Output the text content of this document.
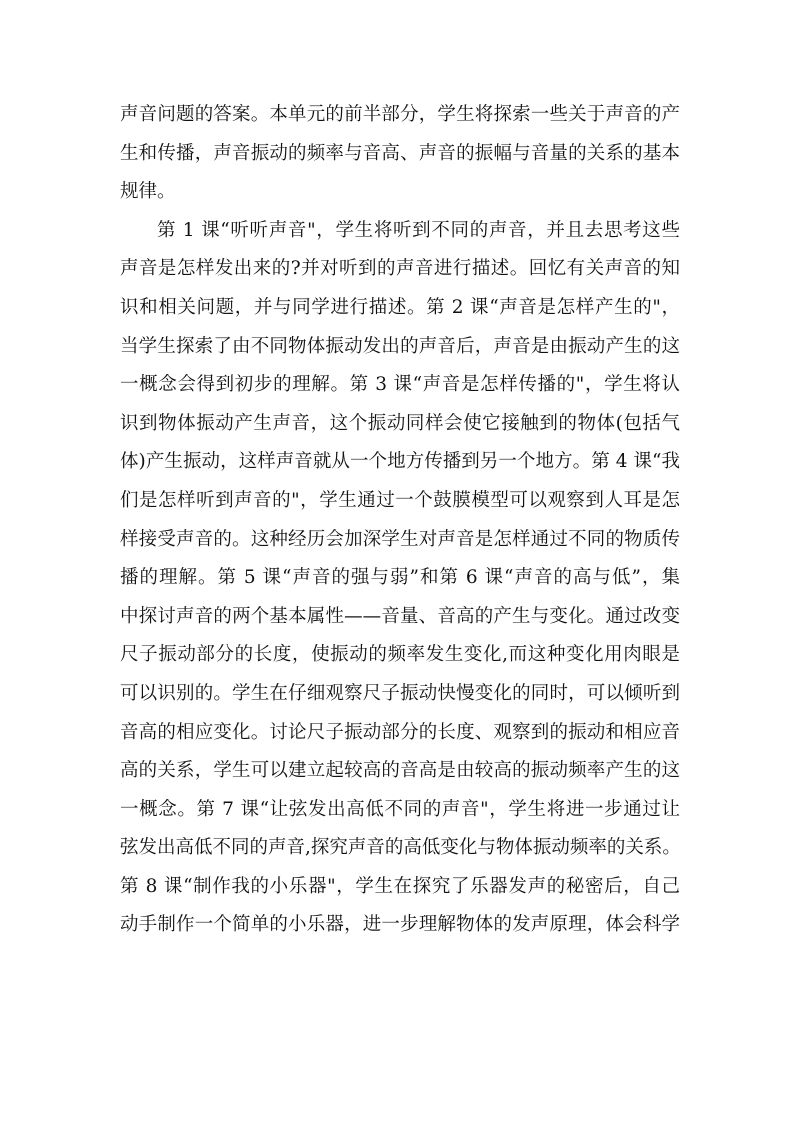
声音问题的答案。本单元的前半部分，学生将探索一些关于声音的产
生和传播，声音振动的频率与音高、声音的振幅与音量的关系的基本
规律。
第 1 课“听听声音"，学生将听到不同的声音，并且去思考这些
声音是怎样发出来的?并对听到的声音进行描述。回忆有关声音的知
识和相关问题，并与同学进行描述。第 2 课“声音是怎样产生的"，
当学生探索了由不同物体振动发出的声音后，声音是由振动产生的这
一概念会得到初步的理解。第 3 课“声音是怎样传播的"，学生将认
识到物体振动产生声音，这个振动同样会使它接触到的物体(包括气
体)产生振动，这样声音就从一个地方传播到另一个地方。第 4 课“我
们是怎样听到声音的"，学生通过一个鼓膜模型可以观察到人耳是怎
样接受声音的。这种经历会加深学生对声音是怎样通过不同的物质传
播的理解。第 5 课“声音的强与弱”和第 6 课“声音的高与低”，集
中探讨声音的两个基本属性——音量、音高的产生与变化。通过改变
尺子振动部分的长度，使振动的频率发生变化,而这种变化用肉眼是
可以识别的。学生在仔细观察尺子振动快慢变化的同时，可以倾听到
音高的相应变化。讨论尺子振动部分的长度、观察到的振动和相应音
高的关系，学生可以建立起较高的音高是由较高的振动频率产生的这
一概念。第 7 课“让弦发出高低不同的声音"，学生将进一步通过让
弦发出高低不同的声音,探究声音的高低变化与物体振动频率的关系。
第 8 课“制作我的小乐器"，学生在探究了乐器发声的秘密后，自己
动手制作一个简单的小乐器，进一步理解物体的发声原理，体会科学
